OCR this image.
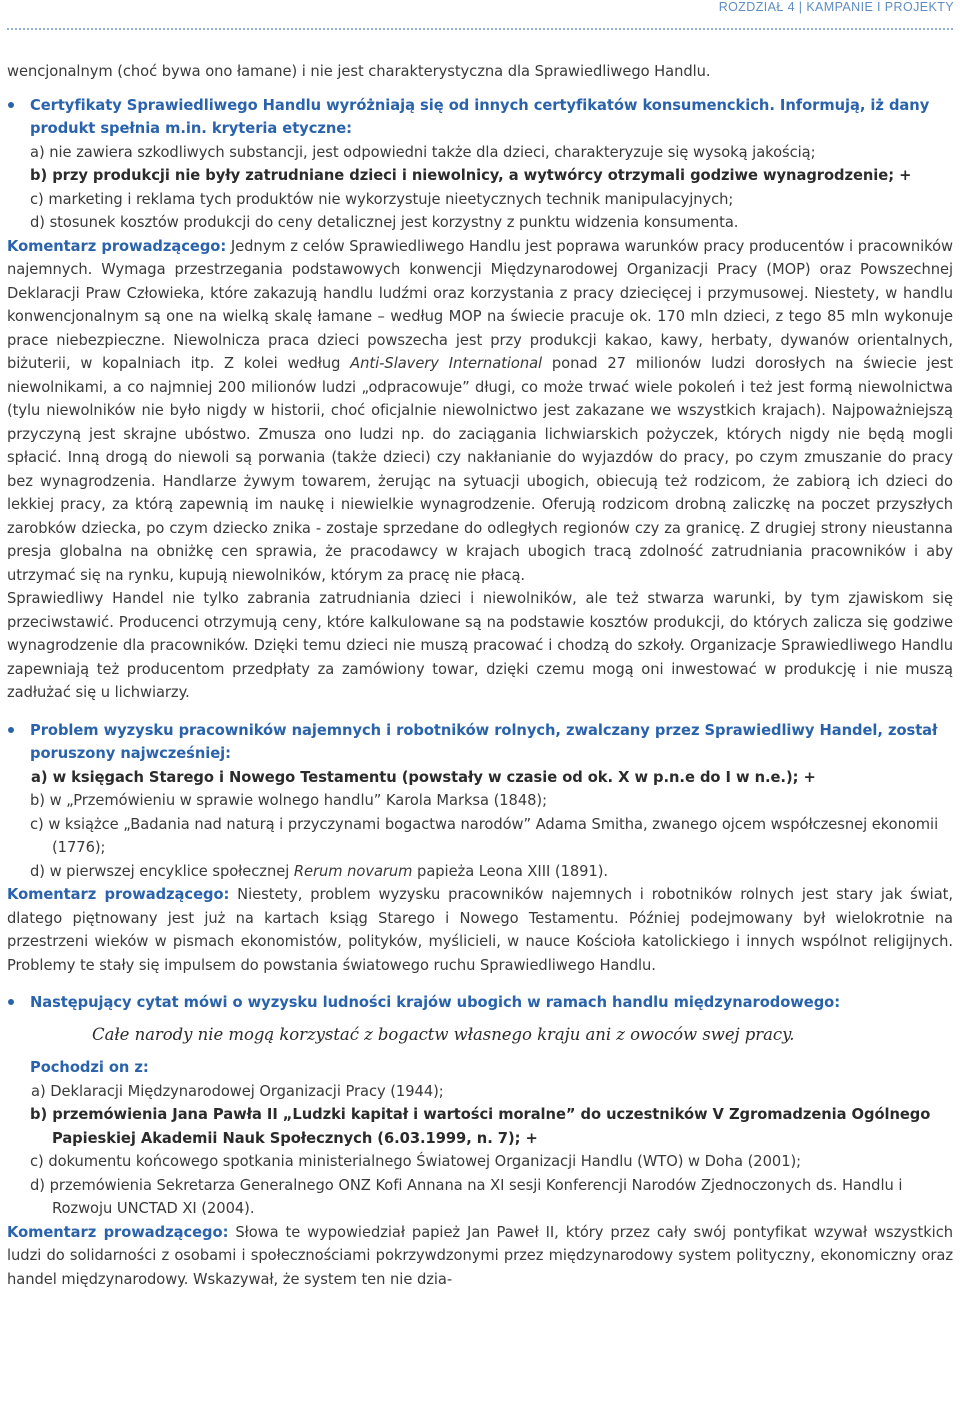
ROZDZIAŁ 4 | KAMPANIE I PROJEKTY

wencjonalnym (choć bywa ono łamane) i nie jest charakterystyczna dla Sprawiedliwego Handlu.

Certyfikaty Sprawiedliwego Handlu wyróżniają się od innych certyfikatów konsumenckich. Informują, iż dany produkt spełnia m.in. kryteria etyczne:

a) nie zawiera szkodliwych substancji, jest odpowiedni także dla dzieci, charakteryzuje się wysoką jakością;

b) przy produkcji nie były zatrudniane dzieci i niewolnicy, a wytwórcy otrzymali godziwe wynagrodzenie; +

c) marketing i reklama tych produktów nie wykorzystuje nieetycznych technik manipulacyjnych;

d) stosunek kosztów produkcji do ceny detalicznej jest korzystny z punktu widzenia konsumenta.

Komentarz prowadzącego: Jednym z celów Sprawiedliwego Handlu jest poprawa warunków pracy producentów i pracowników najemnych. Wymaga przestrzegania podstawowych konwencji Międzynarodowej Organizacji Pracy (MOP) oraz Powszechnej Deklaracji Praw Człowieka, które zakazują handlu ludźmi oraz korzystania z pracy dziecięcej i przymusowej. Niestety, w handlu konwencjonalnym są one na wielką skalę łamane – według MOP na świecie pracuje ok. 170 mln dzieci, z tego 85 mln wykonuje prace niebezpieczne. Niewolnicza praca dzieci powszecha jest przy produkcji kakao, kawy, herbaty, dywanów orientalnych, biżuterii, w kopalniach itp. Z kolei według Anti-Slavery International ponad 27 milionów ludzi dorosłych na świecie jest niewolnikami, a co najmniej 200 milionów ludzi „odpracowuje” długi, co może trwać wiele pokoleń i też jest formą niewolnictwa (tylu niewolników nie było nigdy w historii, choć oficjalnie niewolnictwo jest zakazane we wszystkich krajach). Najpoważniejszą przyczyną jest skrajne ubóstwo. Zmusza ono ludzi np. do zaciągania lichwiarskich pożyczek, których nigdy nie będą mogli spłacić. Inną drogą do niewoli są porwania (także dzieci) czy nakłanianie do wyjazdów do pracy, po czym zmuszanie do pracy bez wynagrodzenia. Handlarze żywym towarem, żerując na sytuacji ubogich, obiecują też rodzicom, że zabiorą ich dzieci do lekkiej pracy, za którą zapewnią im naukę i niewielkie wynagrodzenie. Oferują rodzicom drobną zaliczkę na poczet przyszłych zarobków dziecka, po czym dziecko znika - zostaje sprzedane do odległych regionów czy za granicę. Z drugiej strony nieustanna presja globalna na obniżkę cen sprawia, że pracodawcy w krajach ubogich tracą zdolność zatrudniania pracowników i aby utrzymać się na rynku, kupują niewolników, którym za pracę nie płacą.

Sprawiedliwy Handel nie tylko zabrania zatrudniania dzieci i niewolników, ale też stwarza warunki, by tym zjawiskom się przeciwstawić. Producenci otrzymują ceny, które kalkulowane są na podstawie kosztów produkcji, do których zalicza się godziwe wynagrodzenie dla pracowników. Dzięki temu dzieci nie muszą pracować i chodzą do szkoły. Organizacje Sprawiedliwego Handlu zapewniają też producentom przedpłaty za zamówiony towar, dzięki czemu mogą oni inwestować w produkcję i nie muszą zadłużać się u lichwiarzy.

Problem wyzysku pracowników najemnych i robotników rolnych, zwalczany przez Sprawiedliwy Handel, został poruszony najwcześniej:

a) w księgach Starego i Nowego Testamentu (powstały w czasie od ok. X w p.n.e do I w n.e.); +

b) w „Przemówieniu w sprawie wolnego handlu” Karola Marksa (1848);

c) w książce „Badania nad naturą i przyczynami bogactwa narodów” Adama Smitha, zwanego ojcem współczesnej ekonomii (1776);

d) w pierwszej encyklice społecznej Rerum novarum papieża Leona XIII (1891).

Komentarz prowadzącego: Niestety, problem wyzysku pracowników najemnych i robotników rolnych jest stary jak świat, dlatego piętnowany jest już na kartach ksiąg Starego i Nowego Testamentu. Później podejmowany był wielokrotnie na przestrzeni wieków w pismach ekonomistów, polityków, myślicieli, w nauce Kościoła katolickiego i innych wspólnot religijnych. Problemy te stały się impulsem do powstania światowego ruchu Sprawiedliwego Handlu.

Następujący cytat mówi o wyzysku ludności krajów ubogich w ramach handlu międzynarodowego:

Całe narody nie mogą korzystać z bogactw własnego kraju ani z owoców swej pracy.

Pochodzi on z:

a) Deklaracji Międzynarodowej Organizacji Pracy (1944);

b) przemówienia Jana Pawła II „Ludzki kapitał i wartości moralne” do uczestników V Zgromadzenia Ogólnego Papieskiej Akademii Nauk Społecznych (6.03.1999, n. 7); +

c) dokumentu końcowego spotkania ministerialnego Światowej Organizacji Handlu (WTO) w Doha (2001);

d) przemówienia Sekretarza Generalnego ONZ Kofi Annana na XI sesji Konferencji Narodów Zjednoczonych ds. Handlu i Rozwoju UNCTAD XI (2004).

Komentarz prowadzącego: Słowa te wypowiedział papież Jan Paweł II, który przez cały swój pontyfikat wzywał wszystkich ludzi do solidarności z osobami i społecznościami pokrzywdzonymi przez międzynarodowy system polityczny, ekonomiczny oraz handel międzynarodowy. Wskazywał, że system ten nie dzia-
